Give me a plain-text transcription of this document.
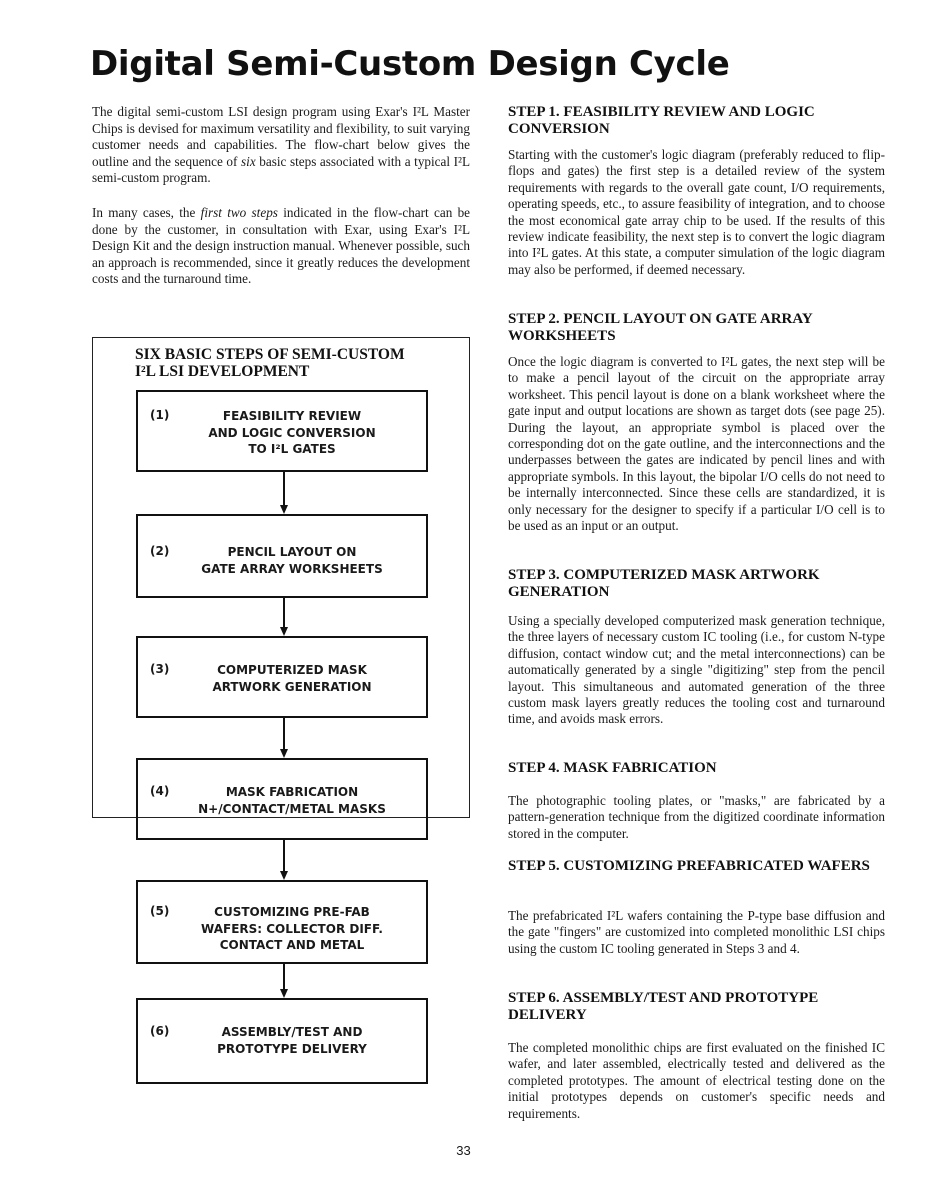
Digital Semi-Custom Design Cycle

The digital semi-custom LSI design program using Exar's I²L Master Chips is devised for maximum versatility and flexibility, to suit varying customer needs and capabilities. The flow-chart below gives the outline and the sequence of six basic steps associated with a typical I²L semi-custom program.

In many cases, the first two steps indicated in the flow-chart can be done by the customer, in consultation with Exar, using Exar's I²L Design Kit and the design instruction manual. Whenever possible, such an approach is recommended, since it greatly reduces the development costs and the turnaround time.

SIX BASIC STEPS OF SEMI-CUSTOM
I²L LSI DEVELOPMENT
(1)	FEASIBILITY REVIEW
AND LOGIC CONVERSION
TO I²L GATES
(2)	PENCIL LAYOUT ON
GATE ARRAY WORKSHEETS
(3)	COMPUTERIZED MASK
ARTWORK GENERATION
(4)	MASK FABRICATION
N+/CONTACT/METAL MASKS
(5)	CUSTOMIZING PRE-FAB
WAFERS: COLLECTOR DIFF.
CONTACT AND METAL
(6)	ASSEMBLY/TEST AND
PROTOTYPE DELIVERY
STEP 1. FEASIBILITY REVIEW AND LOGIC CONVERSION

Starting with the customer's logic diagram (preferably reduced to flip-flops and gates) the first step is a detailed review of the system requirements with regards to the overall gate count, I/O requirements, operating speeds, etc., to assure feasibility of integration, and to choose the most economical gate array chip to be used. If the results of this review indicate feasibility, the next step is to convert the logic diagram into I²L gates. At this state, a computer simulation of the logic diagram may also be performed, if deemed necessary.

STEP 2. PENCIL LAYOUT ON GATE ARRAY WORKSHEETS

Once the logic diagram is converted to I²L gates, the next step will be to make a pencil layout of the circuit on the appropriate array worksheet. This pencil layout is done on a blank worksheet where the gate input and output locations are shown as target dots (see page 25). During the layout, an appropriate symbol is placed over the corresponding dot on the gate outline, and the interconnections and the underpasses between the gates are indicated by pencil lines and with appropriate symbols. In this layout, the bipolar I/O cells do not need to be internally interconnected. Since these cells are standardized, it is only necessary for the designer to specify if a particular I/O cell is to be used as an input or an output.

STEP 3. COMPUTERIZED MASK ARTWORK GENERATION

Using a specially developed computerized mask generation technique, the three layers of necessary custom IC tooling (i.e., for custom N-type diffusion, contact window cut; and the metal interconnections) can be automatically generated by a single "digitizing" step from the pencil layout. This simultaneous and automated generation of the three custom mask layers greatly reduces the tooling cost and turnaround time, and avoids mask errors.

STEP 4. MASK FABRICATION

The photographic tooling plates, or "masks," are fabricated by a pattern-generation technique from the digitized coordinate information stored in the computer.

STEP 5. CUSTOMIZING PREFABRICATED WAFERS

The prefabricated I²L wafers containing the P-type base diffusion and the gate "fingers" are customized into completed monolithic LSI chips using the custom IC tooling generated in Steps 3 and 4.

STEP 6. ASSEMBLY/TEST AND PROTOTYPE DELIVERY

The completed monolithic chips are first evaluated on the finished IC wafer, and later assembled, electrically tested and delivered as the completed prototypes. The amount of electrical testing done on the initial prototypes depends on customer's specific needs and requirements.

33
